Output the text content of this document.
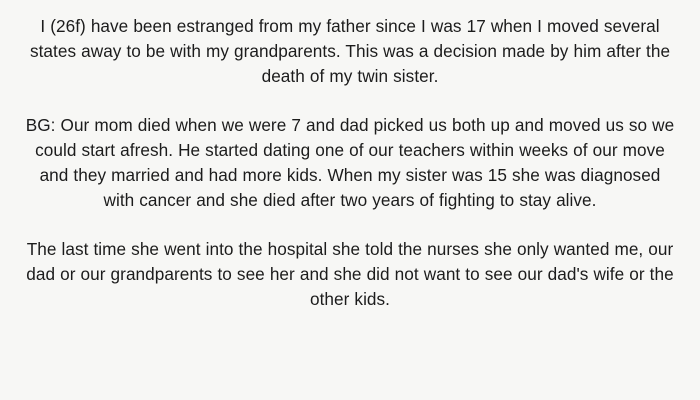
I (26f) have been estranged from my father since I was 17 when I moved several states away to be with my grandparents. This was a decision made by him after the death of my twin sister.

BG: Our mom died when we were 7 and dad picked us both up and moved us so we could start afresh. He started dating one of our teachers within weeks of our move and they married and had more kids. When my sister was 15 she was diagnosed with cancer and she died after two years of fighting to stay alive.

The last time she went into the hospital she told the nurses she only wanted me, our dad or our grandparents to see her and she did not want to see our dad's wife or the other kids.
